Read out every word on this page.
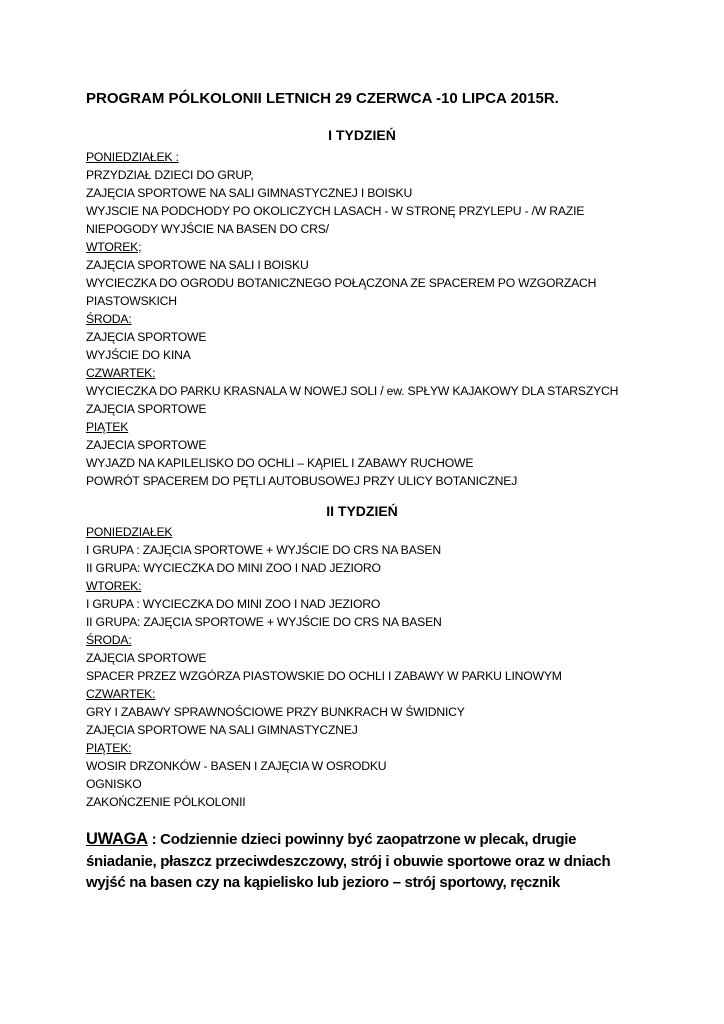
PROGRAM PÓLKOLONII LETNICH 29 CZERWCA -10 LIPCA 2015R.
I TYDZIEŃ
PONIEDZIAŁEK :
PRZYDZIAŁ DZIECI DO GRUP,
ZAJĘCIA SPORTOWE NA SALI GIMNASTYCZNEJ I BOISKU
WYJSCIE NA PODCHODY PO OKOLICZYCH LASACH - W STRONĘ PRZYLEPU - /W RAZIE
NIEPOGODY WYJŚCIE NA BASEN DO CRS/
WTOREK;
ZAJĘCIA SPORTOWE NA SALI I BOISKU
WYCIECZKA DO OGRODU BOTANICZNEGO POŁĄCZONA ZE SPACEREM PO WZGORZACH
PIASTOWSKICH
ŚRODA:
ZAJĘCIA SPORTOWE
WYJŚCIE DO KINA
CZWARTEK:
WYCIECZKA DO PARKU KRASNALA W NOWEJ SOLI / ew. SPŁYW KAJAKOWY DLA STARSZYCH
ZAJĘCIA SPORTOWE
PIĄTEK
ZAJECIA SPORTOWE
WYJAZD NA KAPILELISKO DO OCHLI – KĄPIEL I ZABAWY RUCHOWE
POWRÓT SPACEREM DO PĘTLI AUTOBUSOWEJ PRZY ULICY BOTANICZNEJ
II TYDZIEŃ
PONIEDZIAŁEK
I GRUPA : ZAJĘCIA SPORTOWE + WYJŚCIE DO CRS NA BASEN
II GRUPA: WYCIECZKA DO MINI ZOO I NAD JEZIORO
WTOREK:
I GRUPA : WYCIECZKA DO MINI ZOO I NAD JEZIORO
II GRUPA: ZAJĘCIA SPORTOWE + WYJŚCIE DO CRS NA BASEN
ŚRODA:
ZAJĘCIA SPORTOWE
SPACER PRZEZ WZGÓRZA PIASTOWSKIE DO OCHLI I ZABAWY W PARKU LINOWYM
CZWARTEK:
GRY I ZABAWY SPRAWNOŚCIOWE PRZY BUNKRACH W ŚWIDNICY
ZAJĘCIA SPORTOWE NA SALI GIMNASTYCZNEJ
PIĄTEK:
WOSIR DRZONKÓW - BASEN I ZAJĘCIA W OSRODKU
OGNISKO
ZAKOŃCZENIE PÓLKOLONII
UWAGA : Codziennie dzieci powinny być zaopatrzone w plecak, drugie
śniadanie, płaszcz przeciwdeszczowy, strój i obuwie sportowe oraz w dniach
wyjść na basen czy na kąpielisko lub jezioro – strój sportowy, ręcznik
